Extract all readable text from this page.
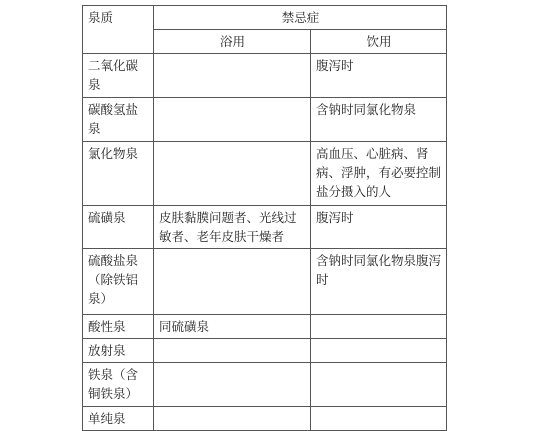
泉质	禁忌症	
	浴用	饮用
二氧化碳泉		腹泻时
碳酸氢盐泉		含钠时同氯化物泉
氯化物泉		高血压、心脏病、肾病、浮肿，有必要控制盐分摄入的人
硫磺泉	皮肤黏膜问题者、光线过敏者、老年皮肤干燥者	腹泻时
硫酸盐泉（除铁铝泉）		含钠时同氯化物泉腹泻时
酸性泉	同硫磺泉	
放射泉		
铁泉（含铜铁泉）		
单纯泉		
